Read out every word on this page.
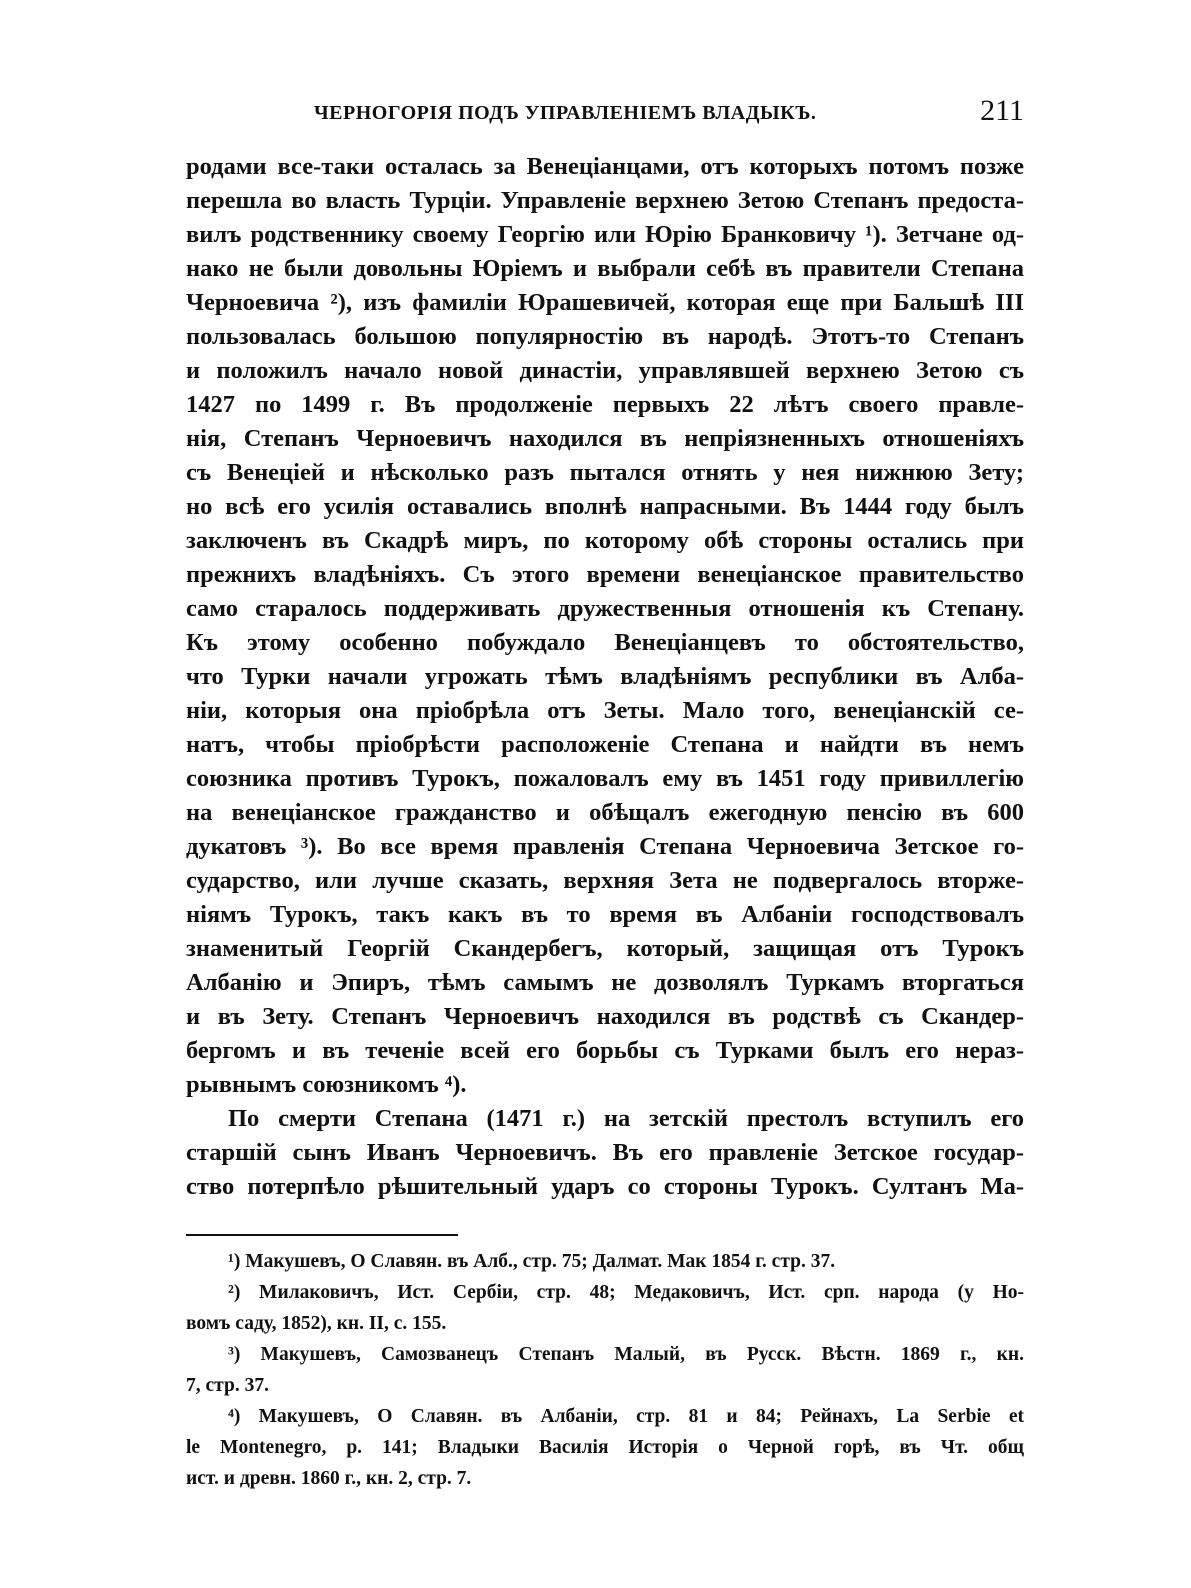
ЧЕРНОГОРІЯ ПОДЪ УПРАВЛЕНІЕМЪ ВЛАДЫКЪ.	211
родами все-таки осталась за Венеціанцами, отъ которыхъ потомъ позже
перешла во власть Турціи. Управленіе верхнею Зетою Степанъ предоста-
вилъ родственнику своему Георгію или Юрію Бранковичу ¹). Зетчане од-
нако не были довольны Юріемъ и выбрали себѣ въ правители Степана
Черноевича ²), изъ фамиліи Юрашевичей, которая еще при Бальшѣ III
пользовалась большою популярностію въ народѣ. Этотъ-то Степанъ
и положилъ начало новой династіи, управлявшей верхнею Зетою съ
1427 по 1499 г. Въ продолженіе первыхъ 22 лѣтъ своего правле-
нія, Степанъ Черноевичъ находился въ непріязненныхъ отношеніяхъ
съ Венеціей и нѣсколько разъ пытался отнять у нея нижнюю Зету;
но всѣ его усилія оставались вполнѣ напрасными. Въ 1444 году былъ
заключенъ въ Скадрѣ миръ, по которому обѣ стороны остались при
прежнихъ владѣніяхъ. Съ этого времени венеціанское правительство
само старалось поддерживать дружественныя отношенія къ Степану.
Къ этому особенно побуждало Венеціанцевъ то обстоятельство,
что Турки начали угрожать тѣмъ владѣніямъ республики въ Алба-
ніи, которыя она пріобрѣла отъ Зеты. Мало того, венеціанскій се-
натъ, чтобы пріобрѣсти расположеніе Степана и найдти въ немъ
союзника противъ Турокъ, пожаловалъ ему въ 1451 году привиллегію
на венеціанское гражданство и обѣщалъ ежегодную пенсію въ 600
дукатовъ ³). Во все время правленія Степана Черноевича Зетское го-
сударство, или лучше сказать, верхняя Зета не подвергалось вторже-
ніямъ Турокъ, такъ какъ въ то время въ Албаніи господствовалъ
знаменитый Георгій Скандербегъ, который, защищая отъ Турокъ
Албанію и Эпиръ, тѣмъ самымъ не дозволялъ Туркамъ вторгаться
и въ Зету. Степанъ Черноевичъ находился въ родствѣ съ Скандер-
бергомъ и въ теченіе всей его борьбы съ Турками былъ его нераз-
рывнымъ союзникомъ ⁴).
По смерти Степана (1471 г.) на зетскій престолъ вступилъ его
старшій сынъ Иванъ Черноевичъ. Въ его правленіе Зетское государ-
ство потерпѣло рѣшительный ударъ со стороны Турокъ. Султанъ Ма-
¹) Макушевъ, О Славян. въ Алб., стр. 75; Далмат. Мак 1854 г. стр. 37.
²) Милаковичъ, Ист. Сербіи, стр. 48; Медаковичъ, Ист. срп. народа (у Но-
вомъ саду, 1852), кн. II, с. 155.
³) Макушевъ, Самозванецъ Степанъ Малый, въ Русск. Вѣстн. 1869 г., кн.
7, стр. 37.
⁴) Макушевъ, О Славян. въ Албаніи, стр. 81 и 84; Рейнахъ, La Serbie et
le Montenegro, p. 141; Владыки Василія Исторія о Черной горѣ, въ Чт. общ
ист. и древн. 1860 г., кн. 2, стр. 7.
